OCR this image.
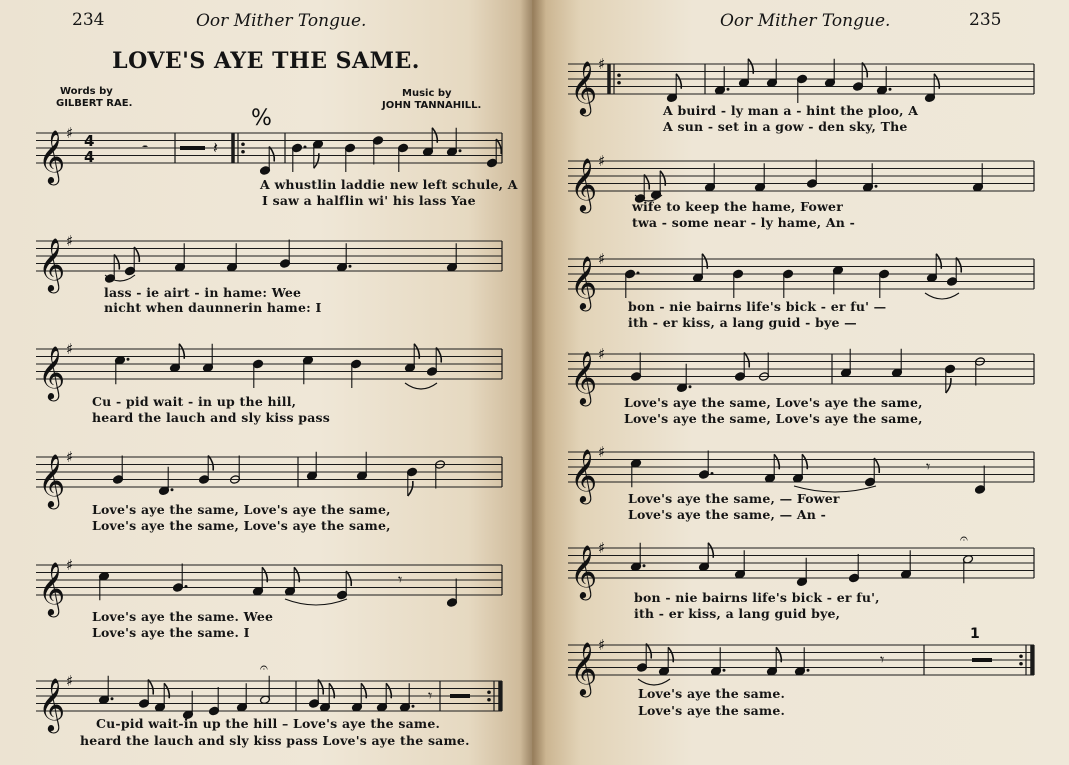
234	Oor Mither Tongue.
LOVE'S AYE THE SAME.
Words by
GILBERT RAE.
Music by
JOHN TANNAHILL.
𝄞 ♯
𝄼	𝄽
4
4
%
𝄞 ♯
𝄞 ♯
𝄞 ♯
𝄞 ♯
𝄾
𝄞 ♯
𝄾
𝄐
A whustlin laddie new left schule, A
I saw a halflin wi' his lass Yae
lass - ie airt - in hame: Wee
nicht when daunnerin hame: I
Cu - pid wait - in up the hill,
heard the lauch and sly kiss pass
Love's aye the same, Love's aye the same,
Love's aye the same, Love's aye the same,
Love's aye the same. Wee
Love's aye the same. I
Cu-pid wait-in up the hill – Love's aye the same.
heard the lauch and sly kiss pass Love's aye the same.
Oor Mither Tongue.	235
𝄞 ♯
𝄞 ♯
𝄞 ♯
𝄞 ♯
𝄞 ♯
𝄾
𝄞 ♯	𝄐
𝄞 ♯
𝄾
1
A buird - ly man a - hint the ploo, A
A sun - set in a gow - den sky, The
wife to keep the hame, Fower
twa - some near - ly hame, An -
bon - nie bairns life's bick - er fu' —
ith - er kiss, a lang guid - bye —
Love's aye the same, Love's aye the same,
Love's aye the same, Love's aye the same,
Love's aye the same, — Fower
Love's aye the same, — An -
bon - nie bairns life's bick - er fu',
ith - er kiss, a lang guid bye,
Love's aye the same.
Love's aye the same.
